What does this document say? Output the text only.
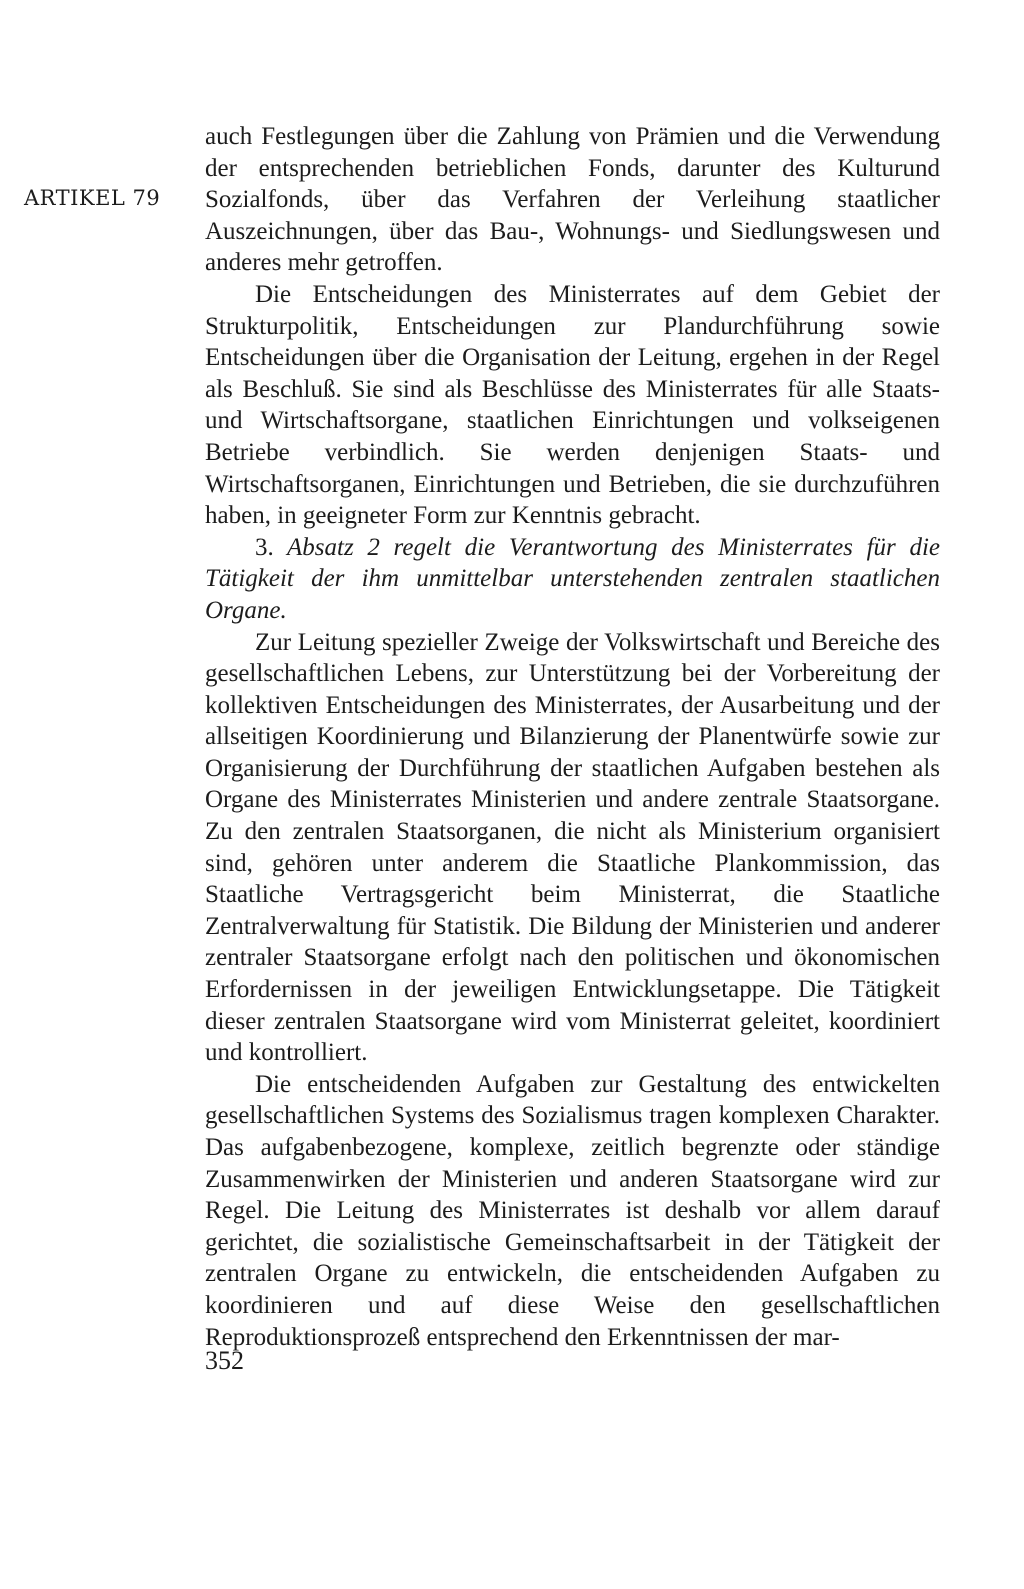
ARTIKEL 79

auch Festlegungen über die Zahlung von Prämien und die Verwendung der entsprechenden betrieblichen Fonds, darunter des Kulturund Sozialfonds, über das Verfahren der Verleihung staatlicher Auszeichnungen, über das Bau-, Wohnungs- und Siedlungswesen und anderes mehr getroffen.

Die Entscheidungen des Ministerrates auf dem Gebiet der Strukturpolitik, Entscheidungen zur Plandurchführung sowie Entscheidungen über die Organisation der Leitung, ergehen in der Regel als Beschluß. Sie sind als Beschlüsse des Ministerrates für alle Staats- und Wirtschaftsorgane, staatlichen Einrichtungen und volkseigenen Betriebe verbindlich. Sie werden denjenigen Staats- und Wirtschaftsorganen, Einrichtungen und Betrieben, die sie durchzuführen haben, in geeigneter Form zur Kenntnis gebracht.

3. Absatz 2 regelt die Verantwortung des Ministerrates für die Tätigkeit der ihm unmittelbar unterstehenden zentralen staatlichen Organe.

Zur Leitung spezieller Zweige der Volkswirtschaft und Bereiche des gesellschaftlichen Lebens, zur Unterstützung bei der Vorbereitung der kollektiven Entscheidungen des Ministerrates, der Ausarbeitung und der allseitigen Koordinierung und Bilanzierung der Planentwürfe sowie zur Organisierung der Durchführung der staatlichen Aufgaben bestehen als Organe des Ministerrates Ministerien und andere zentrale Staatsorgane. Zu den zentralen Staatsorganen, die nicht als Ministerium organisiert sind, gehören unter anderem die Staatliche Plankommission, das Staatliche Vertragsgericht beim Ministerrat, die Staatliche Zentralverwaltung für Statistik. Die Bildung der Ministerien und anderer zentraler Staatsorgane erfolgt nach den politischen und ökonomischen Erfordernissen in der jeweiligen Entwicklungsetappe. Die Tätigkeit dieser zentralen Staatsorgane wird vom Ministerrat geleitet, koordiniert und kontrolliert.

Die entscheidenden Aufgaben zur Gestaltung des entwickelten gesellschaftlichen Systems des Sozialismus tragen komplexen Charakter. Das aufgabenbezogene, komplexe, zeitlich begrenzte oder ständige Zusammenwirken der Ministerien und anderen Staatsorgane wird zur Regel. Die Leitung des Ministerrates ist deshalb vor allem darauf gerichtet, die sozialistische Gemeinschaftsarbeit in der Tätigkeit der zentralen Organe zu entwickeln, die entscheidenden Aufgaben zu koordinieren und auf diese Weise den gesellschaftlichen Reproduktionsprozeß entsprechend den Erkenntnissen der mar-

352
